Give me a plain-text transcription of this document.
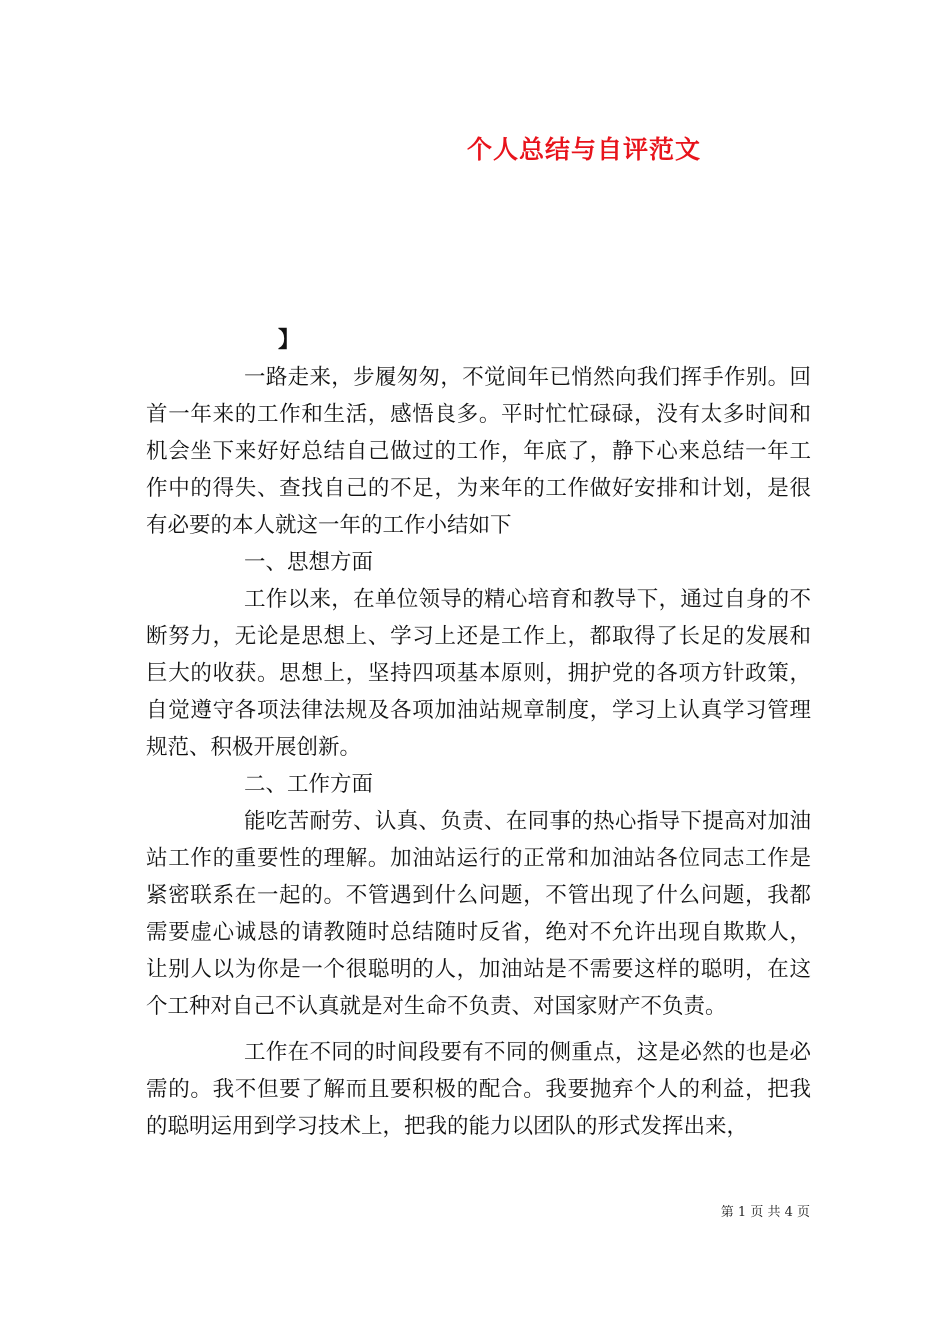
个人总结与自评范文
】

一路走来，步履匆匆，不觉间年已悄然向我们挥手作别。回首一年来的工作和生活，感悟良多。平时忙忙碌碌，没有太多时间和机会坐下来好好总结自己做过的工作，年底了，静下心来总结一年工作中的得失、查找自己的不足，为来年的工作做好安排和计划，是很有必要的本人就这一年的工作小结如下

一、思想方面

工作以来，在单位领导的精心培育和教导下，通过自身的不断努力，无论是思想上、学习上还是工作上，都取得了长足的发展和巨大的收获。思想上，坚持四项基本原则，拥护党的各项方针政策，自觉遵守各项法律法规及各项加油站规章制度，学习上认真学习管理规范、积极开展创新。

二、工作方面

能吃苦耐劳、认真、负责、在同事的热心指导下提高对加油站工作的重要性的理解。加油站运行的正常和加油站各位同志工作是紧密联系在一起的。不管遇到什么问题，不管出现了什么问题，我都需要虚心诚恳的请教随时总结随时反省，绝对不允许出现自欺欺人，让别人以为你是一个很聪明的人，加油站是不需要这样的聪明，在这个工种对自己不认真就是对生命不负责、对国家财产不负责。

工作在不同的时间段要有不同的侧重点，这是必然的也是必需的。我不但要了解而且要积极的配合。我要抛弃个人的利益，把我的聪明运用到学习技术上，把我的能力以团队的形式发挥出来，

第 1 页 共 4 页
